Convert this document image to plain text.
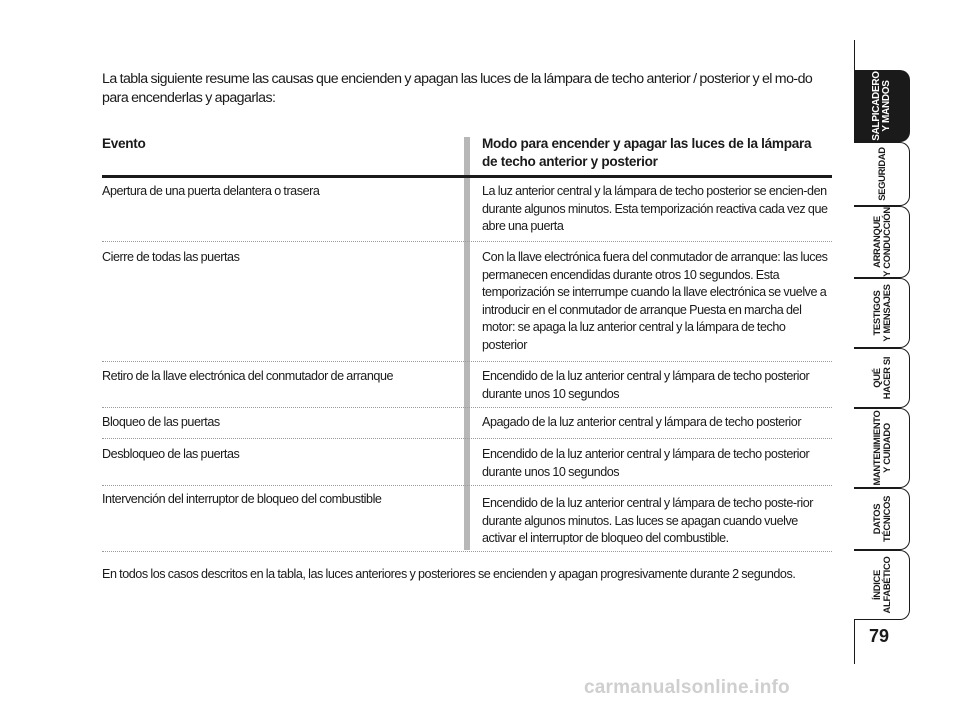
La tabla siguiente resume las causas que encienden y apagan las luces de la lámpara de techo anterior / posterior y el mo-do para encenderlas y apagarlas:
Evento	Modo para encender y apagar las luces de la lámpara de techo anterior y posterior
Apertura de una puerta delantera o trasera	La luz anterior central y la lámpara de techo posterior se encien-den durante algunos minutos. Esta temporización reactiva cada vez que abre una puerta
Cierre de todas las puertas	Con la llave electrónica fuera del conmutador de arranque: las luces permanecen encendidas durante otros 10 segundos. Esta temporización se interrumpe cuando la llave electrónica se vuelve a introducir en el conmutador de arranque Puesta en marcha del motor: se apaga la luz anterior central y la lámpara de techo posterior
Retiro de la llave electrónica del conmutador de arranque	Encendido de la luz anterior central y lámpara de techo posterior durante unos 10 segundos
Bloqueo de las puertas	Apagado de la luz anterior central y lámpara de techo posterior
Desbloqueo de las puertas	Encendido de la luz anterior central y lámpara de techo posterior durante unos 10 segundos
Intervención del interruptor de bloqueo del combustible	Encendido de la luz anterior central y lámpara de techo poste-rior durante algunos minutos. Las luces se apagan cuando vuelve activar el interruptor de bloqueo del combustible.
En todos los casos descritos en la tabla, las luces anteriores y posteriores se encienden y apagan progresivamente durante 2 segundos.
SALPICADERO Y MANDOS
SEGURIDAD
ARRANQUE Y CONDUCCIÓN
TESTIGOS Y MENSAJES
QUÉ HACER SI
MANTENIMIENTO Y CUIDADO
DATOS TÉCNICOS
ÍNDICE ALFABÉTICO
79
carmanualsonline.info
